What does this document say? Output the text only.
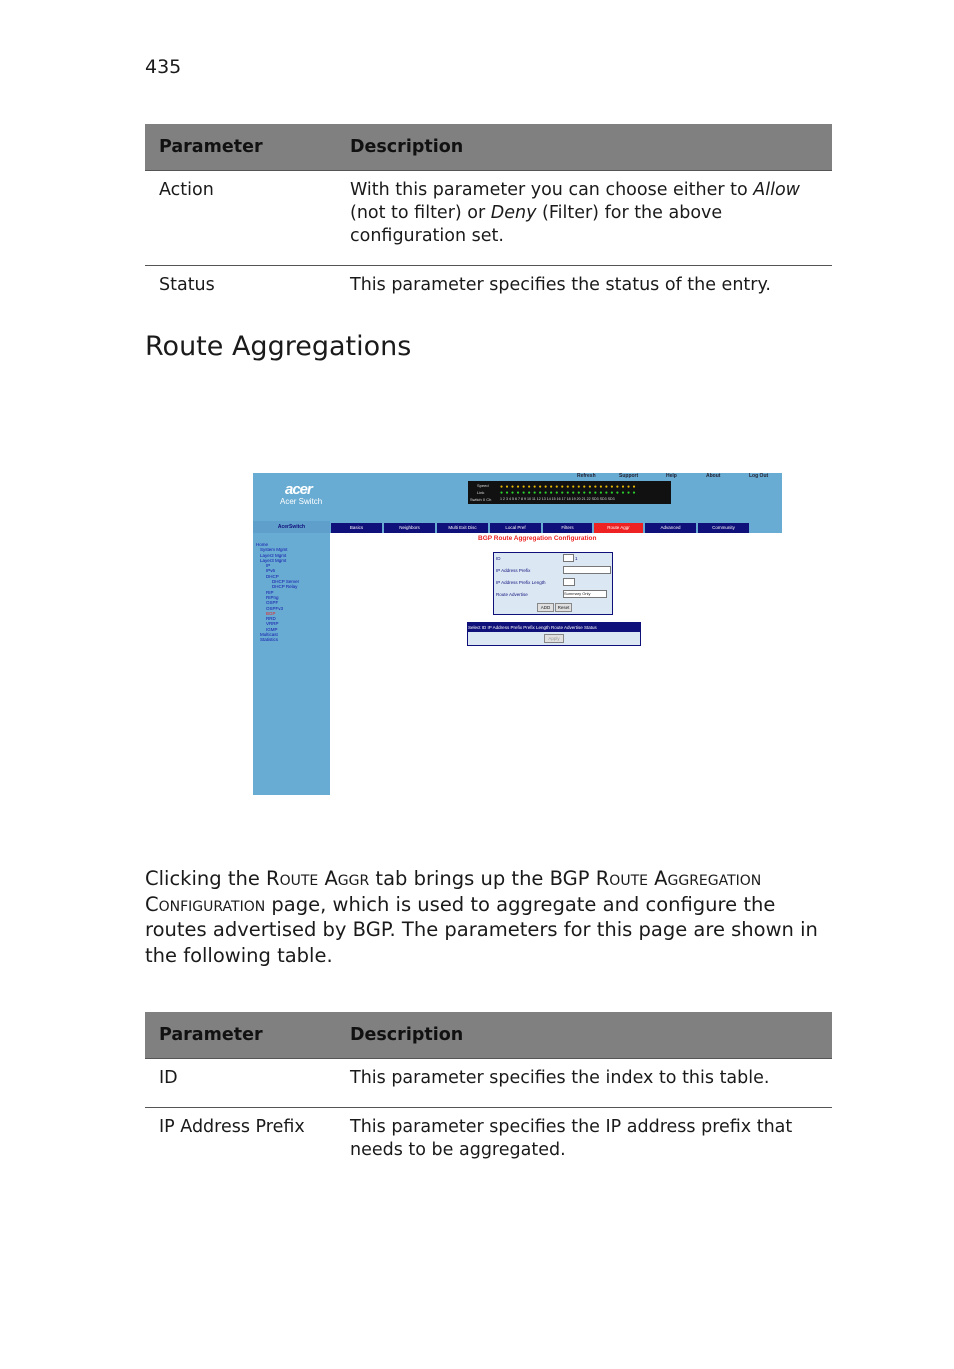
435
Parameter	Description
Action	With this parameter you can choose either to Allow (not to filter) or Deny (Filter) for the above configuration set.
Status	This parameter specifies the status of the entry.
Route Aggregations
acer
Acer Switch
Speed
Link
Switch 0 Ch 1 2 3 4 5 6 7 8 9 10 11 12 13 14 15 16 17 18 19 20 21 22 SD3 SD3 SD3
●●●●●●●●●●●●●●●●●●●●●●●●●
●●●●●●●●●●●●●●●●●●●●●●●●●
Refresh	Support	Help	About	Log Out
AcerSwitch	Basics	Neighbors	Multi Exit Disc	Local Pref	Filters	Route Aggr	Advanced	Community
Home
System Mgmt
Layer2 Mgmt
Layer3 Mgmt
IP
IPv6
DHCP
DHCP Server
DHCP Relay
RIP
RIPng
OSPF
OSPFv3
BGP
RRD
VRRP
IGMP
Multicast
Statistics
BGP Route Aggregation Configuration
ID	1
IP Address Prefix
IP Address Prefix Length
Route Advertise	Summary Only
ADD	Reset
Select ID IP Address Prefix Prefix Length Route Advertise Status
Apply

Clicking the Route Aggr tab brings up the BGP Route Aggregation Configuration page, which is used to aggregate and configure the routes advertised by BGP. The parameters for this page are shown in the following table.

Parameter	Description
ID	This parameter specifies the index to this table.
IP Address Prefix	This parameter specifies the IP address prefix that needs to be aggregated.
